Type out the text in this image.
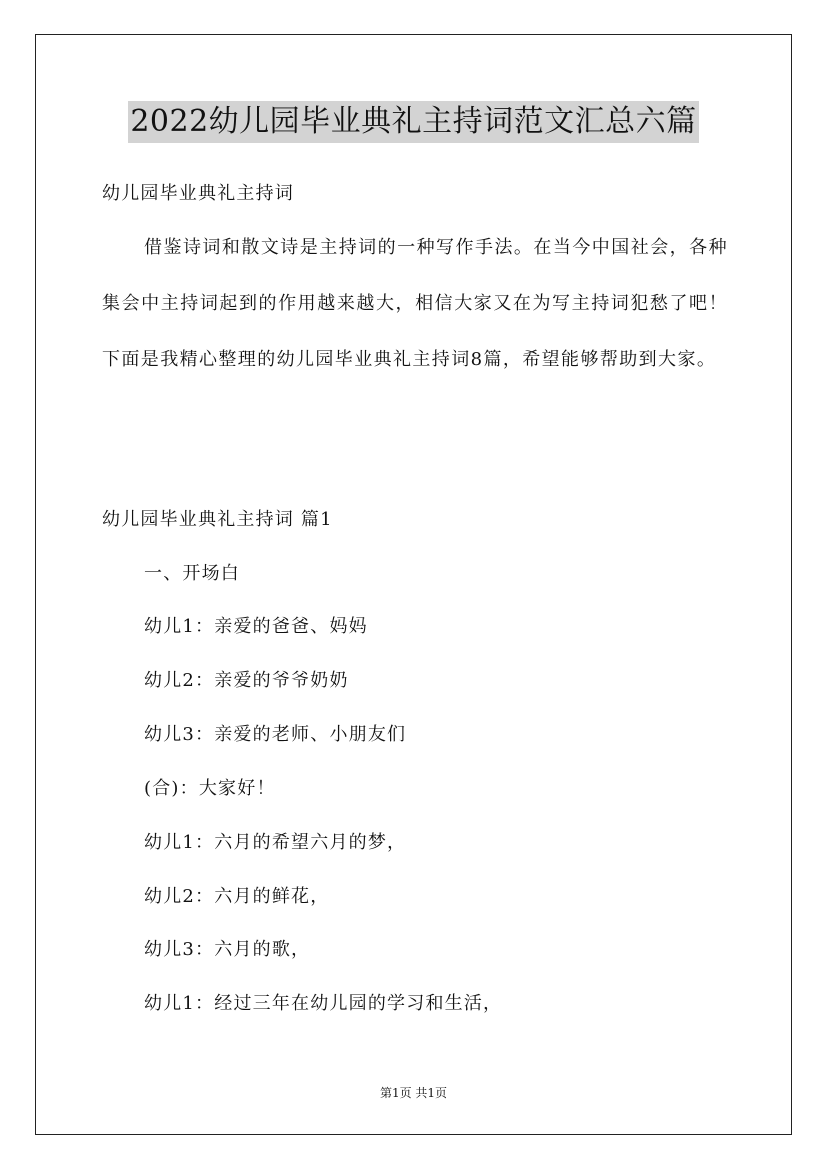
2022幼儿园毕业典礼主持词范文汇总六篇
幼儿园毕业典礼主持词
借鉴诗词和散文诗是主持词的一种写作手法。在当今中国社会，各种集会中主持词起到的作用越来越大，相信大家又在为写主持词犯愁了吧！下面是我精心整理的幼儿园毕业典礼主持词8篇，希望能够帮助到大家。
幼儿园毕业典礼主持词 篇1
一、开场白
幼儿1：亲爱的爸爸、妈妈
幼儿2：亲爱的爷爷奶奶
幼儿3：亲爱的老师、小朋友们
(合)：大家好！
幼儿1：六月的希望六月的梦，
幼儿2：六月的鲜花，
幼儿3：六月的歌，
幼儿1：经过三年在幼儿园的学习和生活，
第1页 共1页
